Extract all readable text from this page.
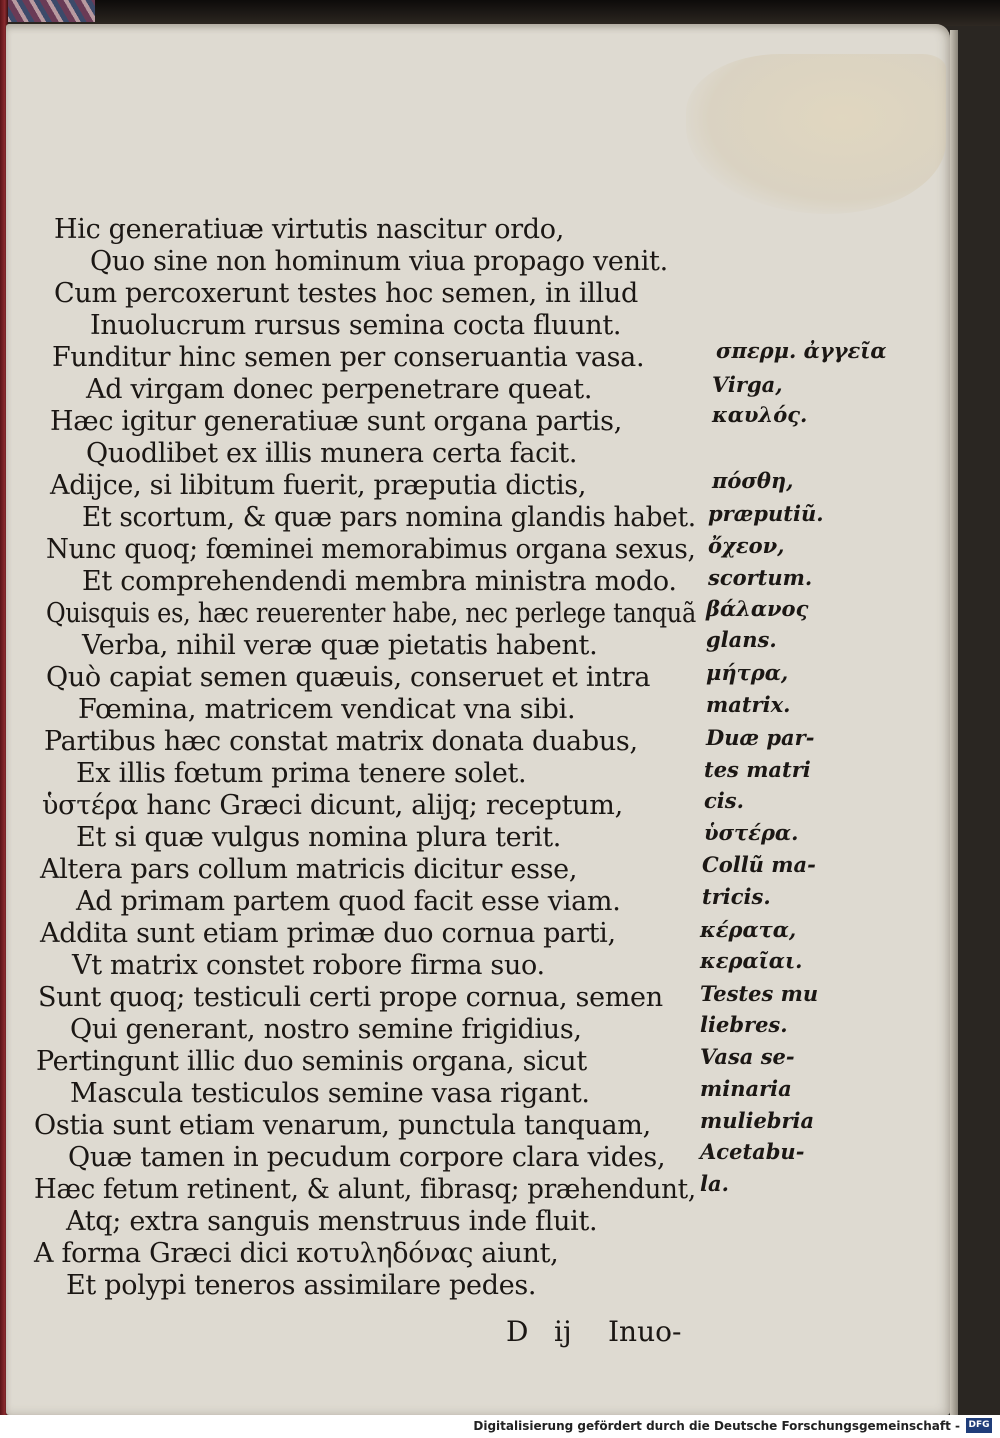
Hic generatiuæ virtutis nascitur ordo,
Quo sine non hominum viua propago venit.
Cum percoxerunt testes hoc semen, in illud
Inuolucrum rursus semina cocta fluunt.
Funditur hinc semen per conseruantia vasa.
Ad virgam donec perpenetrare queat.
Hæc igitur generatiuæ sunt organa partis,
Quodlibet ex illis munera certa facit.
Adijce, si libitum fuerit, præputia dictis,
Et scortum, & quæ pars nomina glandis habet.
Nunc quoq; fœminei memorabimus organa sexus,
Et comprehendendi membra ministra modo.
Quisquis es, hæc reuerenter habe, nec perlege tanquã
Verba, nihil veræ quæ pietatis habent.
Quò capiat semen quæuis, conseruet et intra
Fœmina, matricem vendicat vna sibi.
Partibus hæc constat matrix donata duabus,
Ex illis fœtum prima tenere solet.
ὑστέρα hanc Græci dicunt, alijq; receptum,
Et si quæ vulgus nomina plura terit.
Altera pars collum matricis dicitur esse,
Ad primam partem quod facit esse viam.
Addita sunt etiam primæ duo cornua parti,
Vt matrix constet robore firma suo.
Sunt quoq; testiculi certi prope cornua, semen
Qui generant, nostro semine frigidius,
Pertingunt illic duo seminis organa, sicut
Mascula testiculos semine vasa rigant.
Ostia sunt etiam venarum, punctula tanquam,
Quæ tamen in pecudum corpore clara vides,
Hæc fetum retinent, & alunt, fibrasq; præhendunt,
Atq; extra sanguis menstruus inde fluit.
A forma Græci dici κοτυληδόνας aiunt,
Et polypi teneros assimilare pedes.
σπερμ. ἀγγεῖα
Virga,
καυλός.
πόσθη,
præputiũ.
ὄχεον,
scortum.
βάλανος
glans.
μήτρα,
matrix.
Duæ par-
tes matri
cis.
ὑστέρα.
Collũ ma-
tricis.
κέρατα,
κεραῖαι.
Testes mu
liebres.
Vasa se-
minaria
muliebria
Acetabu-
la.
D ij Inuo-
Digitalisierung gefördert durch die Deutsche Forschungsgemeinschaft - DFG
